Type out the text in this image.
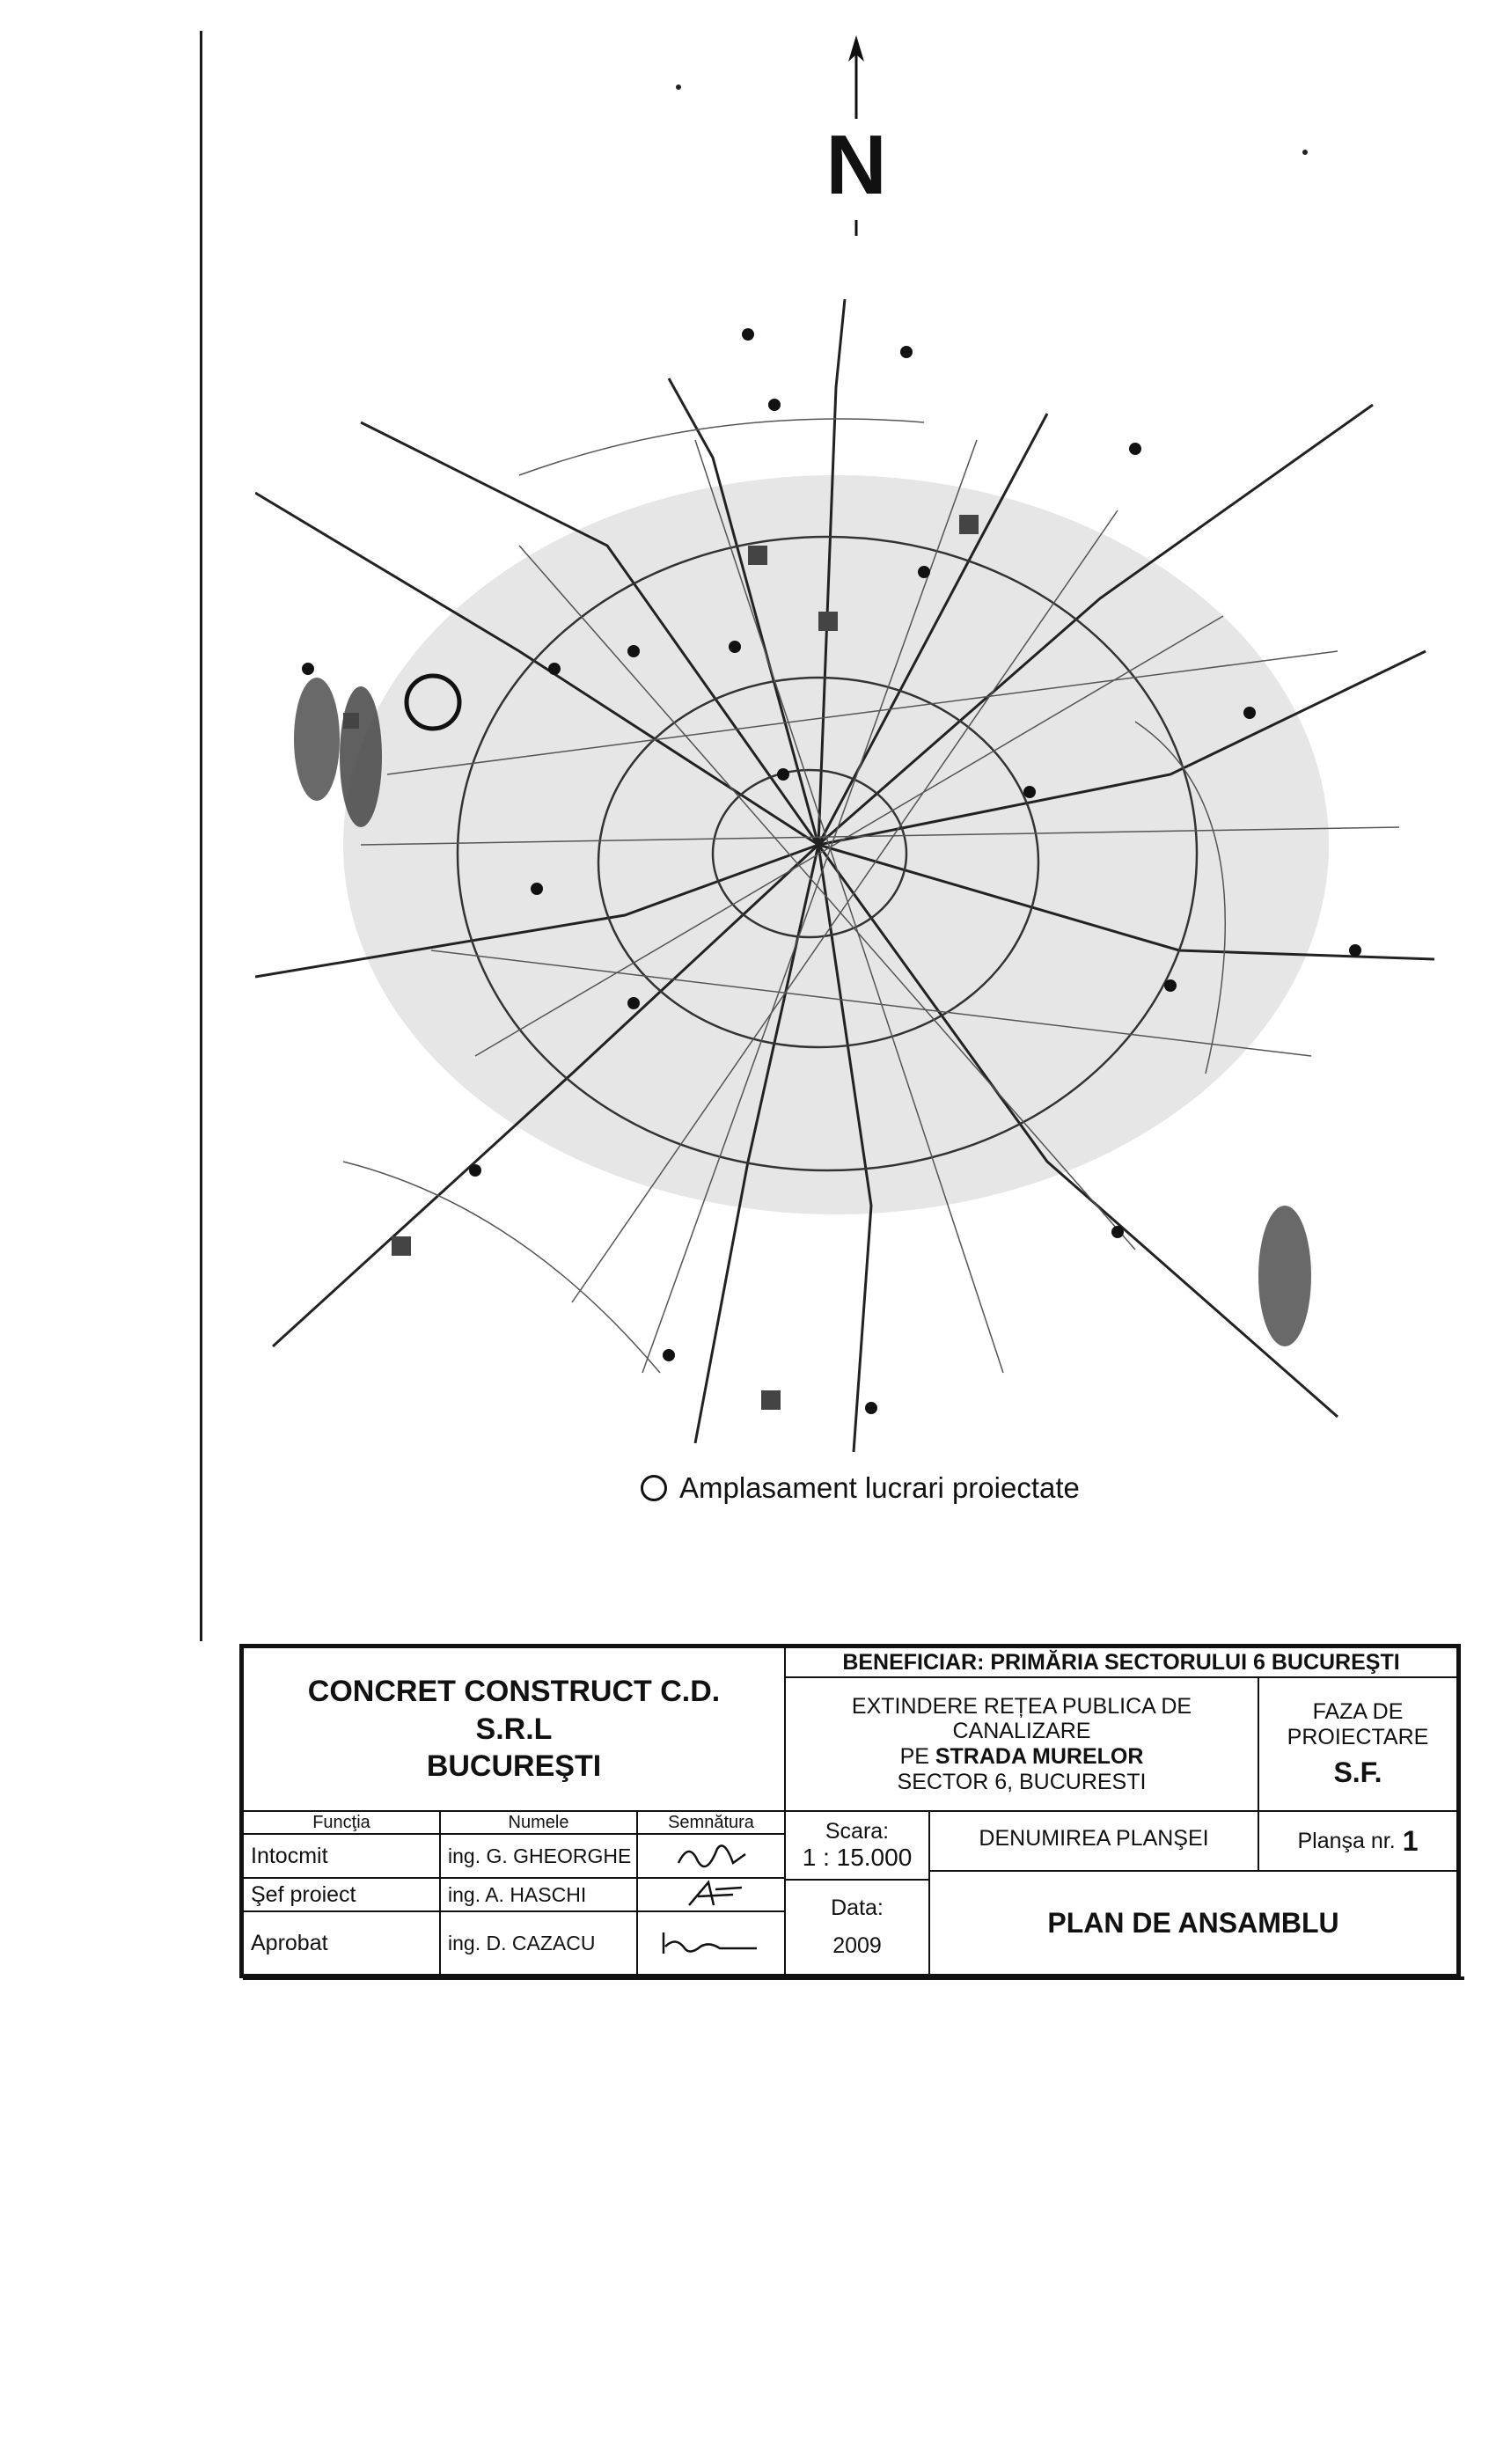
N
Amplasament lucrari proiectate
CONCRET CONSTRUCT C.D.
S.R.L
BUCUREŞTI
BENEFICIAR: PRIMĂRIA SECTORULUI 6 BUCUREŞTI
EXTINDERE REȚEA PUBLICA DE
CANALIZARE
PE STRADA MURELOR
SECTOR 6, BUCURESTI
FAZA DE PROIECTARE
S.F.
Funcţia	Numele	Semnătura
Intocmit	ing. G. GHEORGHE
Şef proiect	ing. A. HASCHI
Aprobat	ing. D. CAZACU
Scara:
1 : 15.000
Data:
2009
DENUMIREA PLANŞEI	Planşa nr. 1
PLAN DE ANSAMBLU
